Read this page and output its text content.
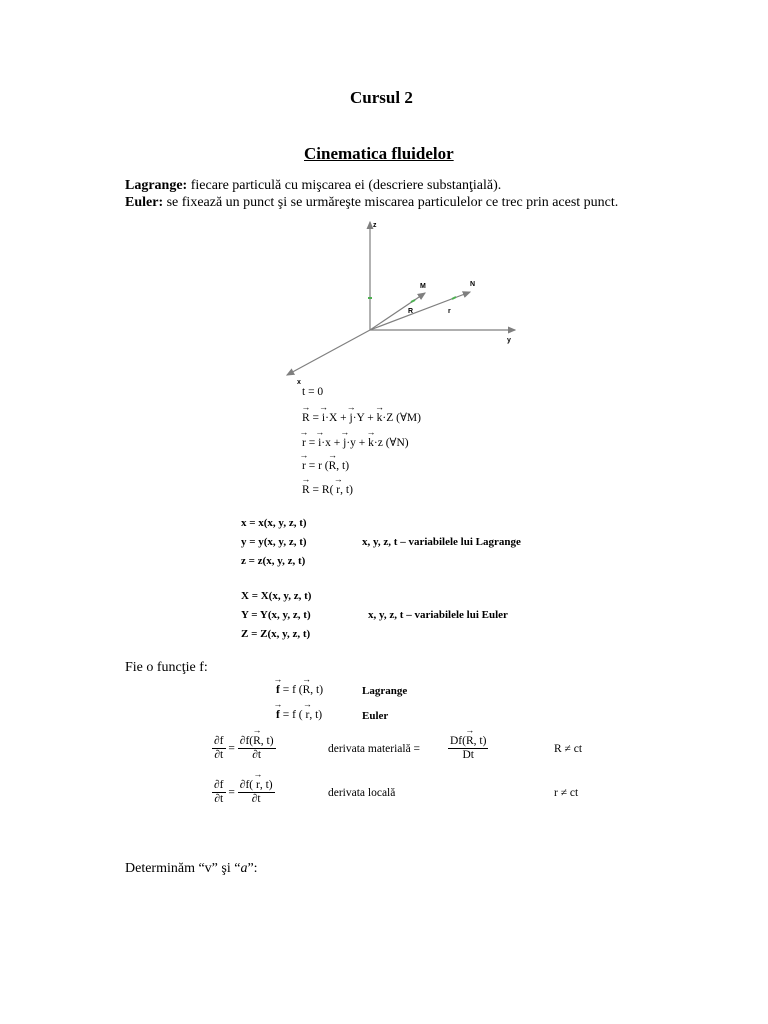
Cursul 2
Cinematica fluidelor
Lagrange: fiecare particulă cu mişcarea ei (descriere substanţială).
Euler: se fixează un punct şi se urmăreşte miscarea particulelor ce trec prin acest punct.
z
y
x
M	N
R	r
t = 0
→ R = → i·X + → j·Y + → k·Z (∀M)
→ r = → i·x + → j·y + → k·z (∀N)
→ r = r (→ R, t)
→ R = R( → r, t)
x = x(x, y, z, t)
y = y(x, y, z, t)
z = z(x, y, z, t)
x, y, z, t – variabilele lui Lagrange
X = X(x, y, z, t)
Y = Y(x, y, z, t)
Z = Z(x, y, z, t)
x, y, z, t – variabilele lui Euler
Fie o funcţie f:
→ f = f (→ R, t)	Lagrange
→ f = f ( → r, t)	Euler
$\frac{\partial f}{\partial t} = \frac{\partial f(\to R, t)}{\partial t}$	derivata materială = $\frac{Df(\to R, t)}{Dt}$	R ≠ ct
$\frac{\partial f}{\partial t} = \frac{\partial f( \to r, t)}{\partial t}$	derivata locală	r ≠ ct
Determinăm “v” şi “a”:
